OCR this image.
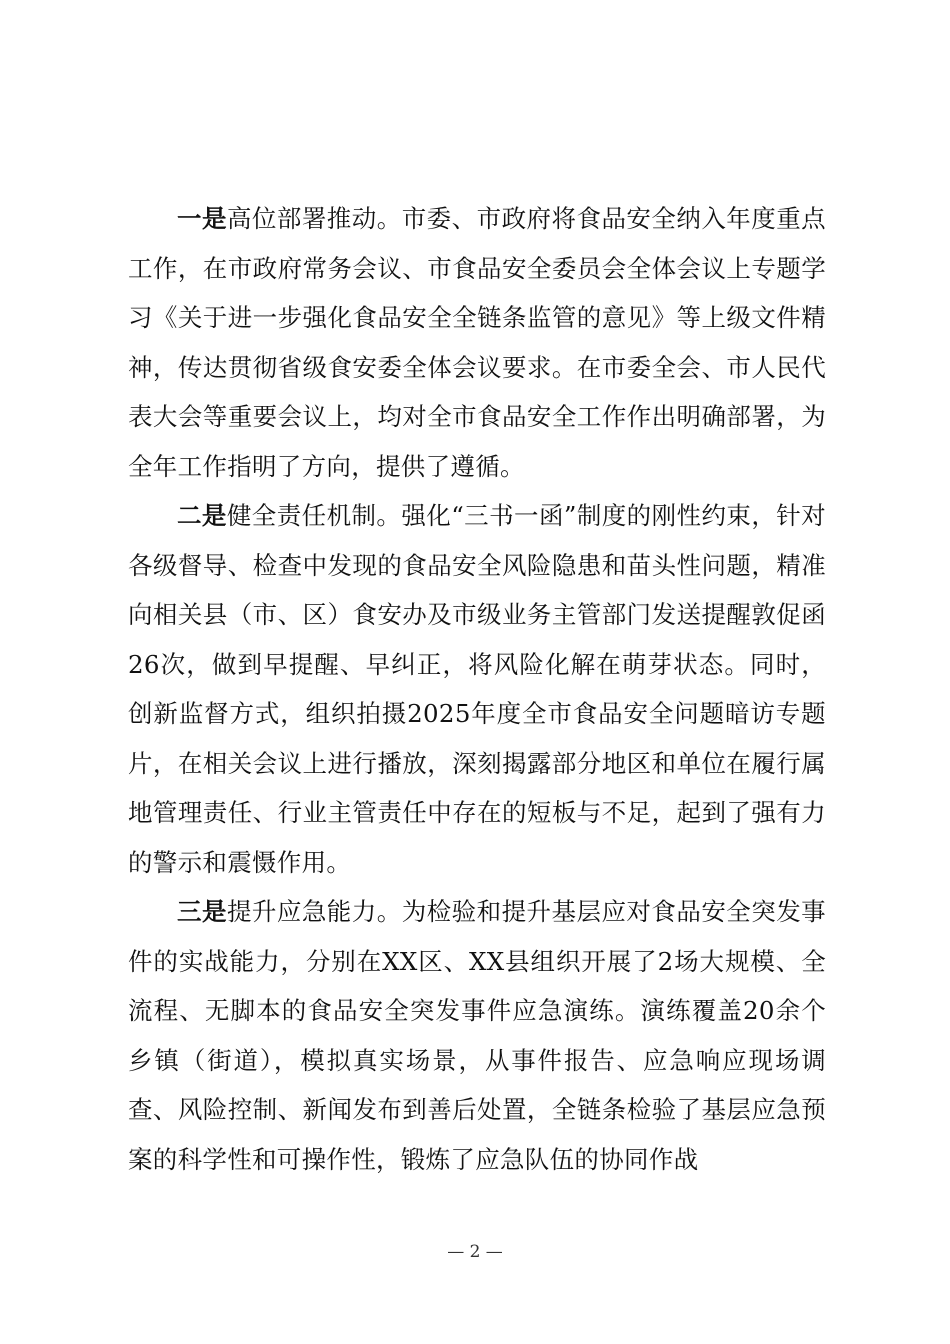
一是高位部署推动。市委、市政府将食品安全纳入年度重点工作，在市政府常务会议、市食品安全委员会全体会议上专题学习《关于进一步强化食品安全全链条监管的意见》等上级文件精神，传达贯彻省级食安委全体会议要求。在市委全会、市人民代表大会等重要会议上，均对全市食品安全工作作出明确部署，为全年工作指明了方向，提供了遵循。

二是健全责任机制。强化“三书一函”制度的刚性约束，针对各级督导、检查中发现的食品安全风险隐患和苗头性问题，精准向相关县（市、区）食安办及市级业务主管部门发送提醒敦促函26次，做到早提醒、早纠正，将风险化解在萌芽状态。同时，创新监督方式，组织拍摄2025年度全市食品安全问题暗访专题片，在相关会议上进行播放，深刻揭露部分地区和单位在履行属地管理责任、行业主管责任中存在的短板与不足，起到了强有力的警示和震慑作用。

三是提升应急能力。为检验和提升基层应对食品安全突发事件的实战能力，分别在XX区、XX县组织开展了2场大规模、全流程、无脚本的食品安全突发事件应急演练。演练覆盖20余个乡镇（街道），模拟真实场景，从事件报告、应急响应现场调查、风险控制、新闻发布到善后处置，全链条检验了基层应急预案的科学性和可操作性，锻炼了应急队伍的协同作战

— 2 —
